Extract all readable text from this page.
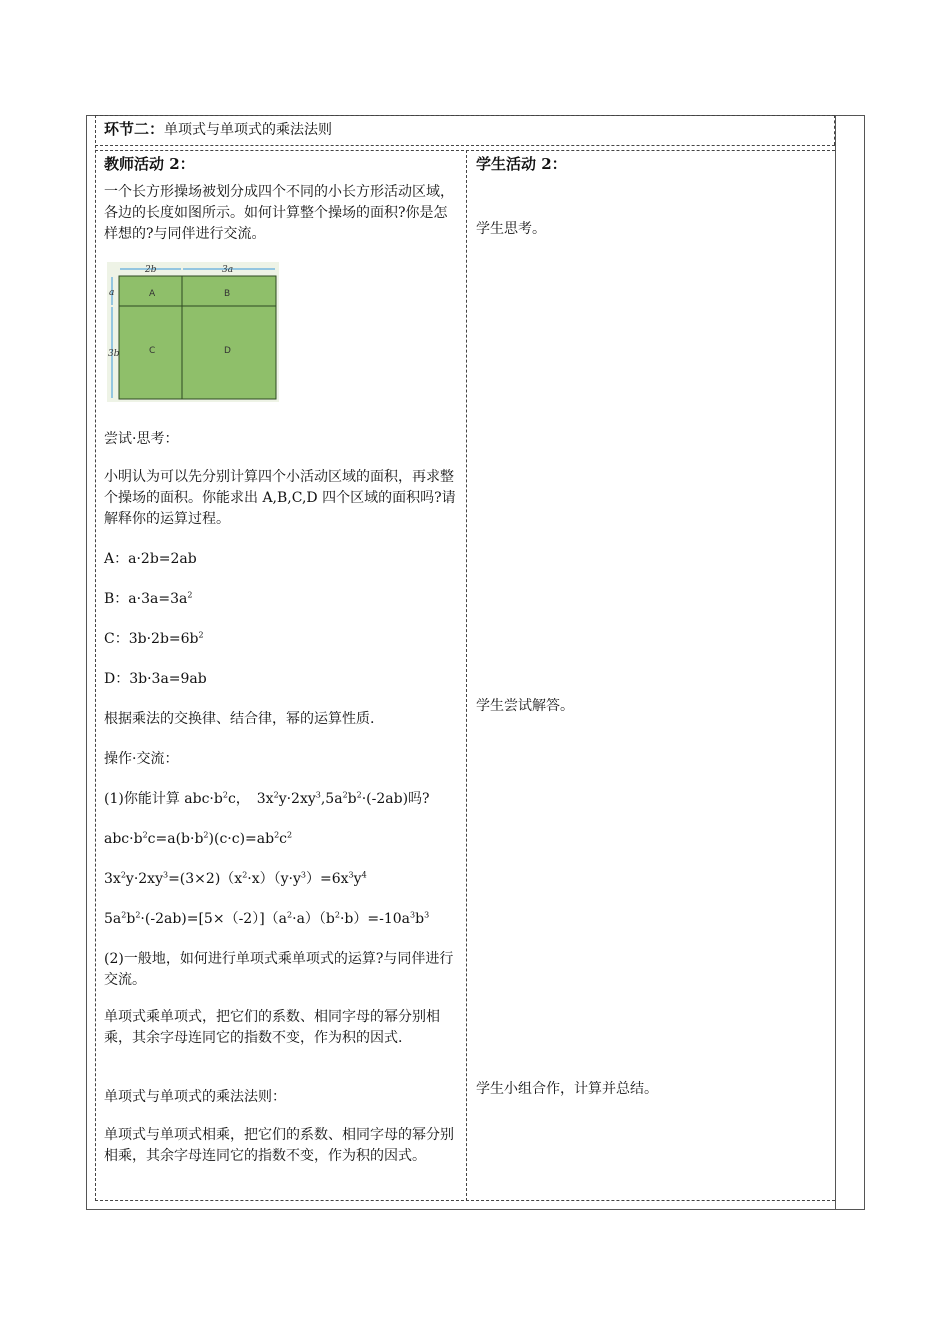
环节二：单项式与单项式的乘法法则
教师活动 2：	学生活动 2：
一个长方形操场被划分成四个不同的小长方形活动区域，各边的长度如图所示。如何计算整个操场的面积?你是怎样想的?与同伴进行交流。
2b	3a
a
3b
A	B
C	D
尝试·思考：
小明认为可以先分别计算四个小活动区域的面积，再求整个操场的面积。你能求出 A,B,C,D 四个区域的面积吗?请解释你的运算过程。
A：a·2b=2ab
B：$a\cdot 3a=3a^2$
C：$3b\cdot 2b=6b^2$
D：3b·3a=9ab
根据乘法的交换律、结合律，幂的运算性质.
操作·交流：
(1)你能计算 $abc\cdot b^2c$，　$3x^2y\cdot 2xy^3,5a^2b^2\cdot(-2ab)$吗?
$abc\cdot b^2c=a(b\cdot b^2)(c\cdot c)=ab^2c^2$
$3x^2y\cdot 2xy^3=(3\times 2)(x^2\cdot x)(y\cdot y^3)=6x^3y^4$
$5a^2b^2\cdot(-2ab)=[5\times(-2)](a^2\cdot a)(b^2\cdot b)=-10a^3b^3$
(2)一般地，如何进行单项式乘单项式的运算?与同伴进行交流。
单项式乘单项式，把它们的系数、相同字母的幂分别相乘，其余字母连同它的指数不变，作为积的因式.
单项式与单项式的乘法法则：
单项式与单项式相乘，把它们的系数、相同字母的幂分别相乘，其余字母连同它的指数不变，作为积的因式。
学生思考。
学生尝试解答。
学生小组合作，计算并总结。
